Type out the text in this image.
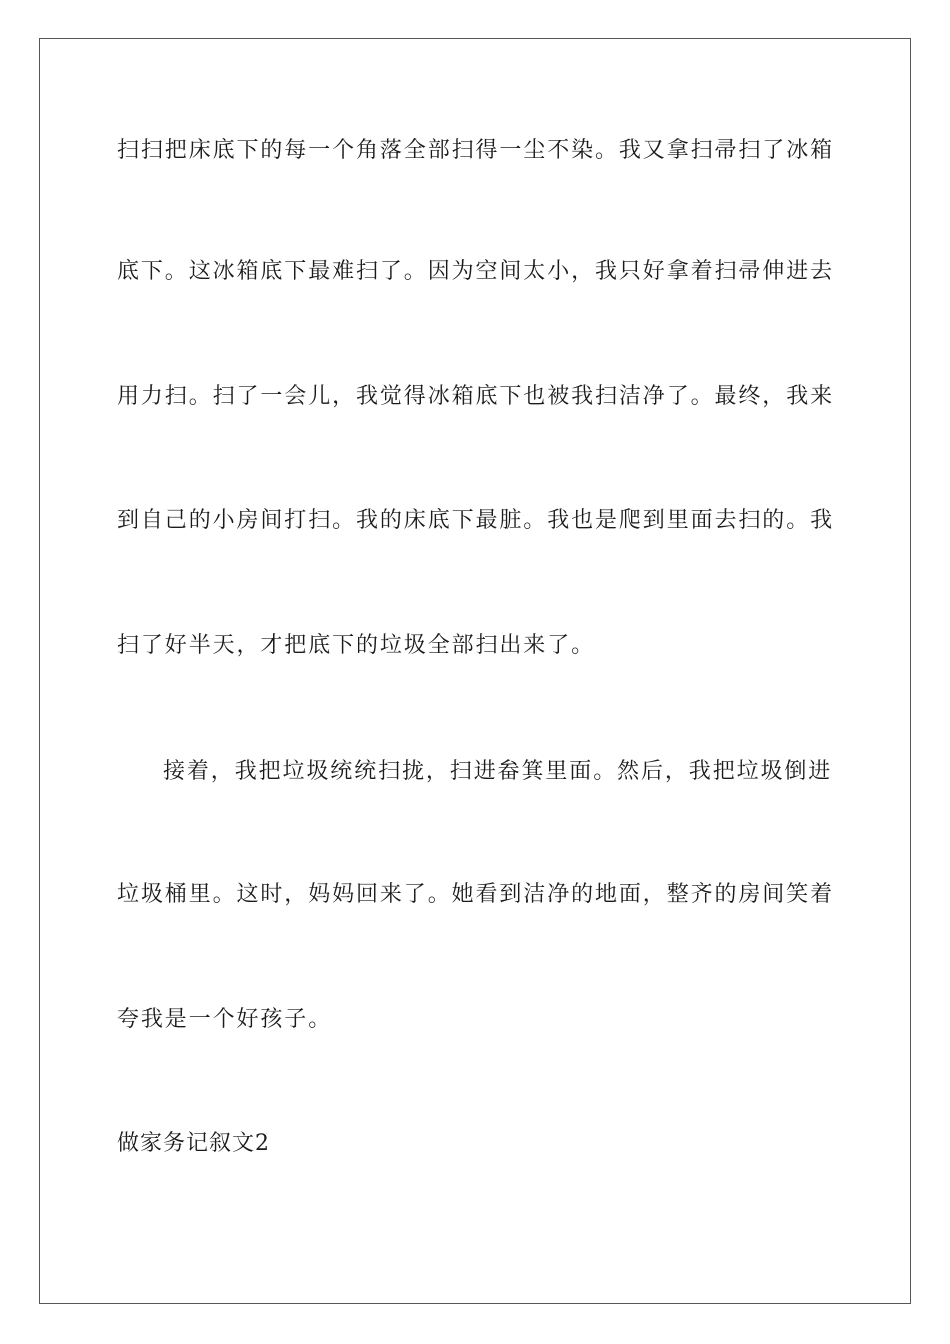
扫扫把床底下的每一个角落全部扫得一尘不染。我又拿扫帚扫了冰箱
底下。这冰箱底下最难扫了。因为空间太小，我只好拿着扫帚伸进去
用力扫。扫了一会儿，我觉得冰箱底下也被我扫洁净了。最终，我来
到自己的小房间打扫。我的床底下最脏。我也是爬到里面去扫的。我
扫了好半天，才把底下的垃圾全部扫出来了。
接着，我把垃圾统统扫拢，扫进畚箕里面。然后，我把垃圾倒进
垃圾桶里。这时，妈妈回来了。她看到洁净的地面，整齐的房间笑着
夸我是一个好孩子。
做家务记叙文2
